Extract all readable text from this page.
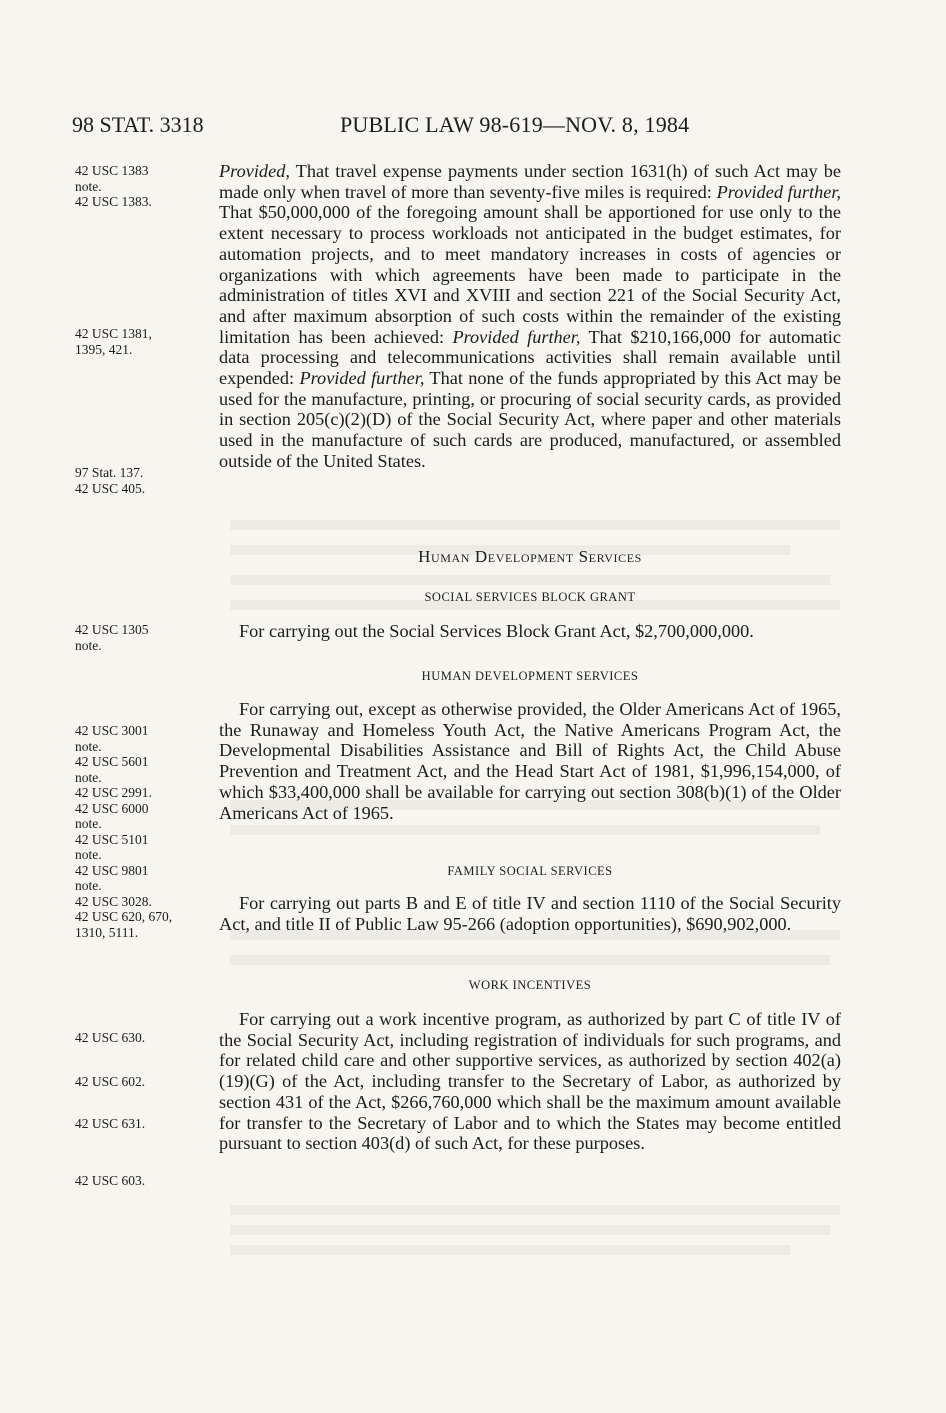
98 STAT. 3318	PUBLIC LAW 98-619—NOV. 8, 1984
42 USC 1383
note.
42 USC 1383.
42 USC 1381,
1395, 421.
97 Stat. 137.
42 USC 405.
42 USC 1305
note.
42 USC 3001
note.
42 USC 5601
note.
42 USC 2991.
42 USC 6000
note.
42 USC 5101
note.
42 USC 9801
note.
42 USC 3028.
42 USC 620, 670,
1310, 5111.
42 USC 630.
42 USC 602.
42 USC 631.
42 USC 603.

Provided, That travel expense payments under section 1631(h) of such Act may be made only when travel of more than seventy-five miles is required: Provided further, That $50,000,000 of the foregoing amount shall be apportioned for use only to the extent necessary to process workloads not anticipated in the budget estimates, for automation projects, and to meet mandatory increases in costs of agencies or organizations with which agreements have been made to participate in the administration of titles XVI and XVIII and section 221 of the Social Security Act, and after maximum absorption of such costs within the remainder of the existing limitation has been achieved: Provided further, That $210,166,000 for automatic data processing and telecommunications activities shall remain available until expended: Provided further, That none of the funds appropriated by this Act may be used for the manufacture, printing, or procuring of social security cards, as provided in section 205(c)(2)(D) of the Social Security Act, where paper and other materials used in the manufacture of such cards are produced, manufactured, or assembled outside of the United States.

Human Development Services
SOCIAL SERVICES BLOCK GRANT

For carrying out the Social Services Block Grant Act, $2,700,000,000.

HUMAN DEVELOPMENT SERVICES

For carrying out, except as otherwise provided, the Older Americans Act of 1965, the Runaway and Homeless Youth Act, the Native Americans Program Act, the Developmental Disabilities Assistance and Bill of Rights Act, the Child Abuse Prevention and Treatment Act, and the Head Start Act of 1981, $1,996,154,000, of which $33,400,000 shall be available for carrying out section 308(b)(1) of the Older Americans Act of 1965.

FAMILY SOCIAL SERVICES

For carrying out parts B and E of title IV and section 1110 of the Social Security Act, and title II of Public Law 95-266 (adoption opportunities), $690,902,000.

WORK INCENTIVES

For carrying out a work incentive program, as authorized by part C of title IV of the Social Security Act, including registration of individuals for such programs, and for related child care and other supportive services, as authorized by section 402(a)(19)(G) of the Act, including transfer to the Secretary of Labor, as authorized by section 431 of the Act, $266,760,000 which shall be the maximum amount available for transfer to the Secretary of Labor and to which the States may become entitled pursuant to section 403(d) of such Act, for these purposes.
